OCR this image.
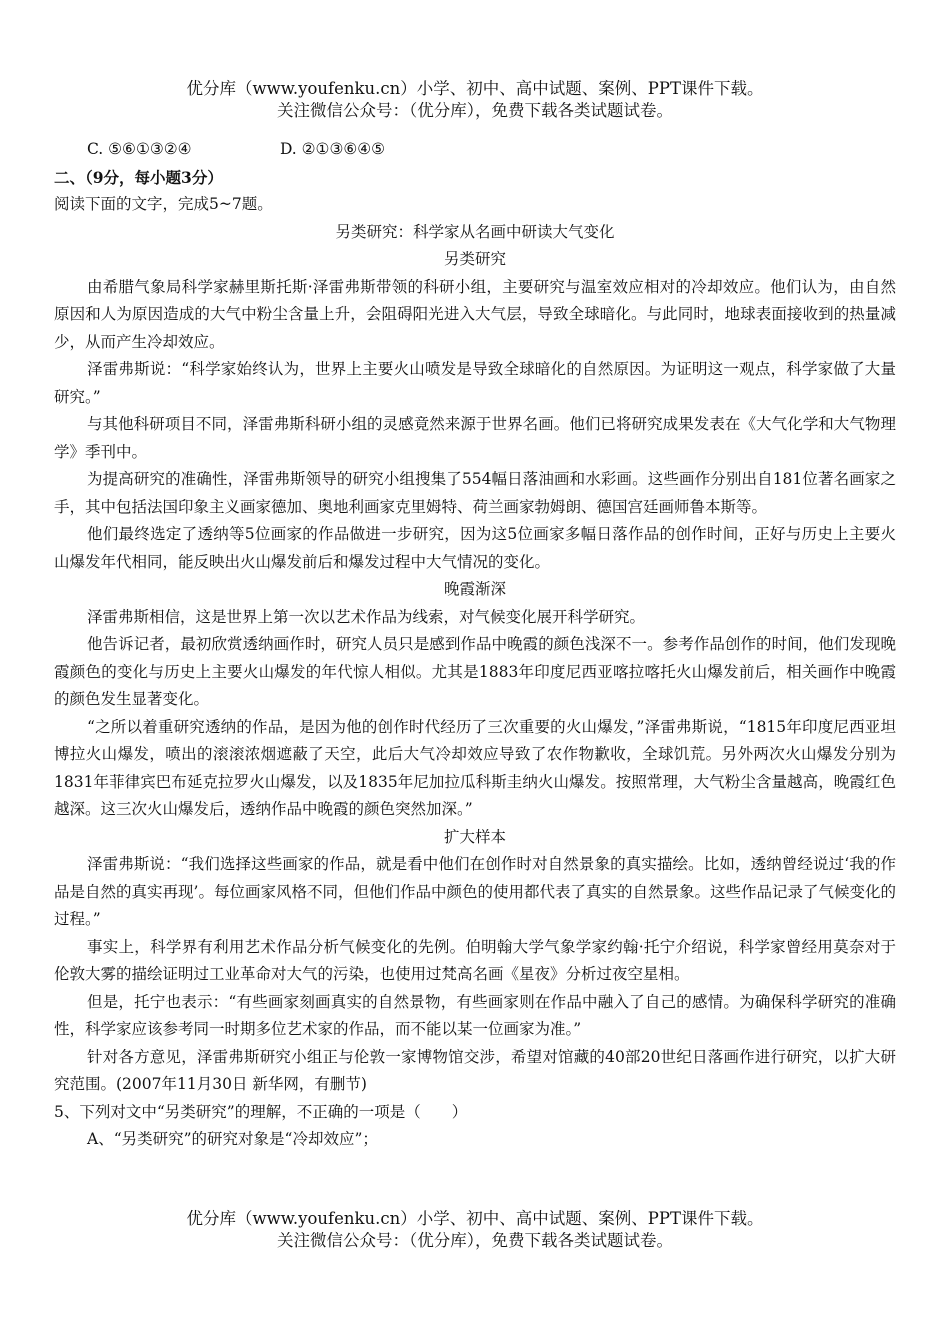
优分库（www.youfenku.cn）小学、初中、高中试题、案例、PPT课件下载。
关注微信公众号：（优分库），免费下载各类试题试卷。
C. ⑤⑥①③②④	D. ②①③⑥④⑤
二、（9分，每小题3分）
阅读下面的文字，完成5~7题。
另类研究：科学家从名画中研读大气变化
另类研究
由希腊气象局科学家赫里斯托斯·泽雷弗斯带领的科研小组，主要研究与温室效应相对的冷却效应。他们认为，由自然原因和人为原因造成的大气中粉尘含量上升，会阻碍阳光进入大气层，导致全球暗化。与此同时，地球表面接收到的热量减少，从而产生冷却效应。
泽雷弗斯说：“科学家始终认为，世界上主要火山喷发是导致全球暗化的自然原因。为证明这一观点，科学家做了大量研究。”
与其他科研项目不同，泽雷弗斯科研小组的灵感竟然来源于世界名画。他们已将研究成果发表在《大气化学和大气物理学》季刊中。
为提高研究的准确性，泽雷弗斯领导的研究小组搜集了554幅日落油画和水彩画。这些画作分别出自181位著名画家之手，其中包括法国印象主义画家德加、奥地利画家克里姆特、荷兰画家勃姆朗、德国宫廷画师鲁本斯等。
他们最终选定了透纳等5位画家的作品做进一步研究，因为这5位画家多幅日落作品的创作时间，正好与历史上主要火山爆发年代相同，能反映出火山爆发前后和爆发过程中大气情况的变化。
晚霞渐深
泽雷弗斯相信，这是世界上第一次以艺术作品为线索，对气候变化展开科学研究。
他告诉记者，最初欣赏透纳画作时，研究人员只是感到作品中晚霞的颜色浅深不一。参考作品创作的时间，他们发现晚霞颜色的变化与历史上主要火山爆发的年代惊人相似。尤其是1883年印度尼西亚喀拉喀托火山爆发前后，相关画作中晚霞的颜色发生显著变化。
“之所以着重研究透纳的作品，是因为他的创作时代经历了三次重要的火山爆发，”泽雷弗斯说，“1815年印度尼西亚坦博拉火山爆发，喷出的滚滚浓烟遮蔽了天空，此后大气冷却效应导致了农作物歉收，全球饥荒。另外两次火山爆发分别为1831年菲律宾巴布延克拉罗火山爆发，以及1835年尼加拉瓜科斯圭纳火山爆发。按照常理，大气粉尘含量越高，晚霞红色越深。这三次火山爆发后，透纳作品中晚霞的颜色突然加深。”
扩大样本
泽雷弗斯说：“我们选择这些画家的作品，就是看中他们在创作时对自然景象的真实描绘。比如，透纳曾经说过‘我的作品是自然的真实再现’。每位画家风格不同，但他们作品中颜色的使用都代表了真实的自然景象。这些作品记录了气候变化的过程。”
事实上，科学界有利用艺术作品分析气候变化的先例。伯明翰大学气象学家约翰·托宁介绍说，科学家曾经用莫奈对于伦敦大雾的描绘证明过工业革命对大气的污染，也使用过梵高名画《星夜》分析过夜空星相。
但是，托宁也表示：“有些画家刻画真实的自然景物，有些画家则在作品中融入了自己的感情。为确保科学研究的准确性，科学家应该参考同一时期多位艺术家的作品，而不能以某一位画家为准。”
针对各方意见，泽雷弗斯研究小组正与伦敦一家博物馆交涉，希望对馆藏的40部20世纪日落画作进行研究，以扩大研究范围。(2007年11月30日 新华网，有删节)
5、下列对文中“另类研究”的理解，不正确的一项是（　　）
A、“另类研究”的研究对象是“冷却效应”；
优分库（www.youfenku.cn）小学、初中、高中试题、案例、PPT课件下载。
关注微信公众号：（优分库），免费下载各类试题试卷。
